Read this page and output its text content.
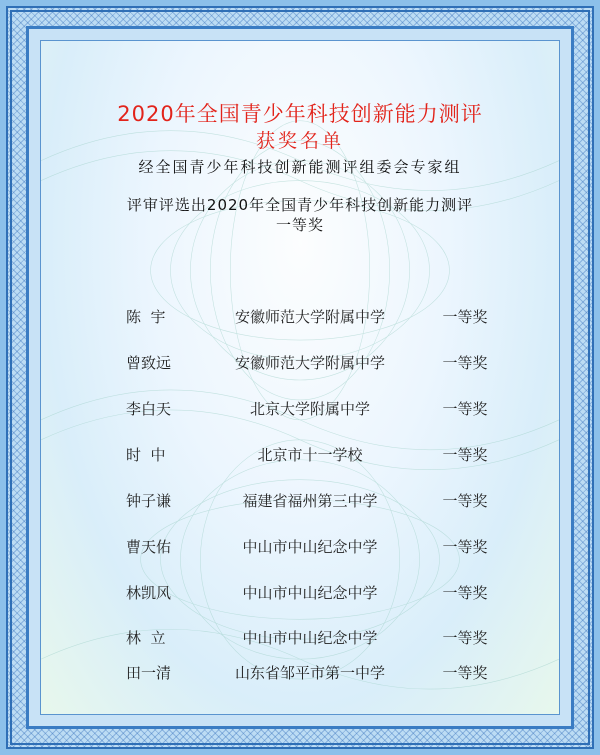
2020年全国青少年科技创新能力测评
获奖名单
经全国青少年科技创新能测评组委会专家组
评审评选出2020年全国青少年科技创新能力测评
一等奖
陈  宇	安徽师范大学附属中学	一等奖
曾致远	安徽师范大学附属中学	一等奖
李白天	北京大学附属中学	一等奖
时  中	北京市十一学校	一等奖
钟子谦	福建省福州第三中学	一等奖
曹天佑	中山市中山纪念中学	一等奖
林凯风	中山市中山纪念中学	一等奖
林  立	中山市中山纪念中学	一等奖
田一清	山东省邹平市第一中学	一等奖
